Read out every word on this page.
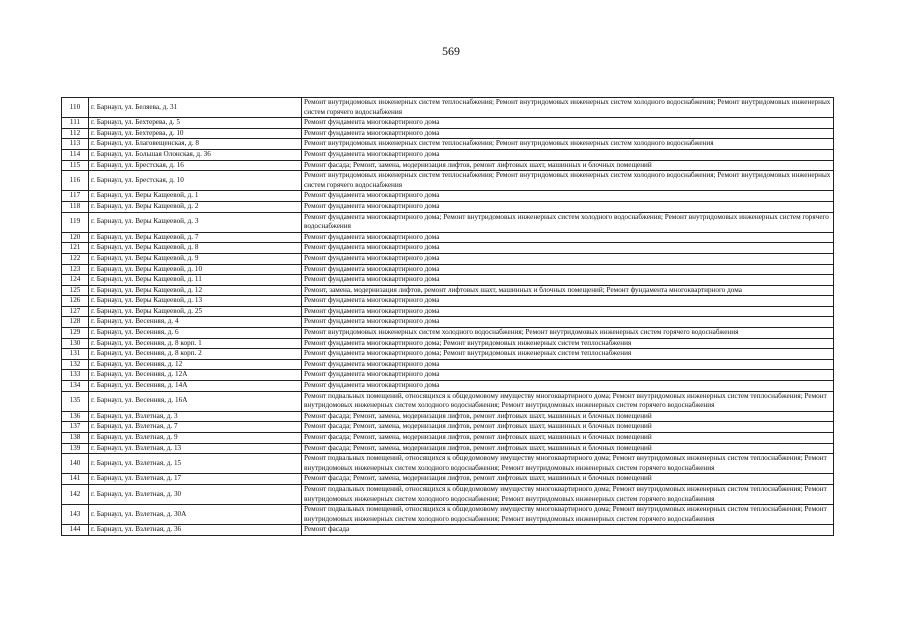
569
110	г. Барнаул, ул. Беляева, д. 31	Ремонт внутридомовых инженерных систем теплоснабжения; Ремонт внутридомовых инженерных систем холодного водоснабжения; Ремонт внутридомовых инженерных систем горячего водоснабжения
111	г. Барнаул, ул. Бехтерева, д. 5	Ремонт фундамента многоквартирного дома
112	г. Барнаул, ул. Бехтерева, д. 10	Ремонт фундамента многоквартирного дома
113	г. Барнаул, ул. Благовещенская, д. 8	Ремонт внутридомовых инженерных систем теплоснабжения; Ремонт внутридомовых инженерных систем холодного водоснабжения
114	г. Барнаул, ул. Большая Олонская, д. 36	Ремонт фундамента многоквартирного дома
115	г. Барнаул, ул. Брестская, д. 16	Ремонт фасада; Ремонт, замена, модернизация лифтов, ремонт лифтовых шахт, машинных и блочных помещений
116	г. Барнаул, ул. Брестская, д. 10	Ремонт внутридомовых инженерных систем теплоснабжения; Ремонт внутридомовых инженерных систем холодного водоснабжения; Ремонт внутридомовых инженерных систем горячего водоснабжения
117	г. Барнаул, ул. Веры Кащеевой, д. 1	Ремонт фундамента многоквартирного дома
118	г. Барнаул, ул. Веры Кащеевой, д. 2	Ремонт фундамента многоквартирного дома
119	г. Барнаул, ул. Веры Кащеевой, д. 3	Ремонт фундамента многоквартирного дома; Ремонт внутридомовых инженерных систем холодного водоснабжения; Ремонт внутридомовых инженерных систем горячего водоснабжения
120	г. Барнаул, ул. Веры Кащеевой, д. 7	Ремонт фундамента многоквартирного дома
121	г. Барнаул, ул. Веры Кащеевой, д. 8	Ремонт фундамента многоквартирного дома
122	г. Барнаул, ул. Веры Кащеевой, д. 9	Ремонт фундамента многоквартирного дома
123	г. Барнаул, ул. Веры Кащеевой, д. 10	Ремонт фундамента многоквартирного дома
124	г. Барнаул, ул. Веры Кащеевой, д. 11	Ремонт фундамента многоквартирного дома
125	г. Барнаул, ул. Веры Кащеевой, д. 12	Ремонт, замена, модернизация лифтов, ремонт лифтовых шахт, машинных и блочных помещений; Ремонт фундамента многоквартирного дома
126	г. Барнаул, ул. Веры Кащеевой, д. 13	Ремонт фундамента многоквартирного дома
127	г. Барнаул, ул. Веры Кащеевой, д. 25	Ремонт фундамента многоквартирного дома
128	г. Барнаул, ул. Весенняя, д. 4	Ремонт фундамента многоквартирного дома
129	г. Барнаул, ул. Весенняя, д. 6	Ремонт внутридомовых инженерных систем холодного водоснабжения; Ремонт внутридомовых инженерных систем горячего водоснабжения
130	г. Барнаул, ул. Весенняя, д. 8 корп. 1	Ремонт фундамента многоквартирного дома; Ремонт внутридомовых инженерных систем теплоснабжения
131	г. Барнаул, ул. Весенняя, д. 8 корп. 2	Ремонт фундамента многоквартирного дома; Ремонт внутридомовых инженерных систем теплоснабжения
132	г. Барнаул, ул. Весенняя, д. 12	Ремонт фундамента многоквартирного дома
133	г. Барнаул, ул. Весенняя, д. 12А	Ремонт фундамента многоквартирного дома
134	г. Барнаул, ул. Весенняя, д. 14А	Ремонт фундамента многоквартирного дома
135	г. Барнаул, ул. Весенняя, д. 16А	Ремонт подвальных помещений, относящихся к общедомовому имуществу многоквартирного дома; Ремонт внутридомовых инженерных систем теплоснабжения; Ремонт внутридомовых инженерных систем холодного водоснабжения; Ремонт внутридомовых инженерных систем горячего водоснабжения
136	г. Барнаул, ул. Взлетная, д. 3	Ремонт фасада; Ремонт, замена, модернизация лифтов, ремонт лифтовых шахт, машинных и блочных помещений
137	г. Барнаул, ул. Взлетная, д. 7	Ремонт фасада; Ремонт, замена, модернизация лифтов, ремонт лифтовых шахт, машинных и блочных помещений
138	г. Барнаул, ул. Взлетная, д. 9	Ремонт фасада; Ремонт, замена, модернизация лифтов, ремонт лифтовых шахт, машинных и блочных помещений
139	г. Барнаул, ул. Взлетная, д. 13	Ремонт фасада; Ремонт, замена, модернизация лифтов, ремонт лифтовых шахт, машинных и блочных помещений
140	г. Барнаул, ул. Взлетная, д. 15	Ремонт подвальных помещений, относящихся к общедомовому имуществу многоквартирного дома; Ремонт внутридомовых инженерных систем теплоснабжения; Ремонт внутридомовых инженерных систем холодного водоснабжения; Ремонт внутридомовых инженерных систем горячего водоснабжения
141	г. Барнаул, ул. Взлетная, д. 17	Ремонт фасада; Ремонт, замена, модернизация лифтов, ремонт лифтовых шахт, машинных и блочных помещений
142	г. Барнаул, ул. Взлетная, д. 30	Ремонт подвальных помещений, относящихся к общедомовому имуществу многоквартирного дома; Ремонт внутридомовых инженерных систем теплоснабжения; Ремонт внутридомовых инженерных систем холодного водоснабжения; Ремонт внутридомовых инженерных систем горячего водоснабжения
143	г. Барнаул, ул. Взлетная, д. 30А	Ремонт подвальных помещений, относящихся к общедомовому имуществу многоквартирного дома; Ремонт внутридомовых инженерных систем теплоснабжения; Ремонт внутридомовых инженерных систем холодного водоснабжения; Ремонт внутридомовых инженерных систем горячего водоснабжения
144	г. Барнаул, ул. Взлетная, д. 36	Ремонт фасада
